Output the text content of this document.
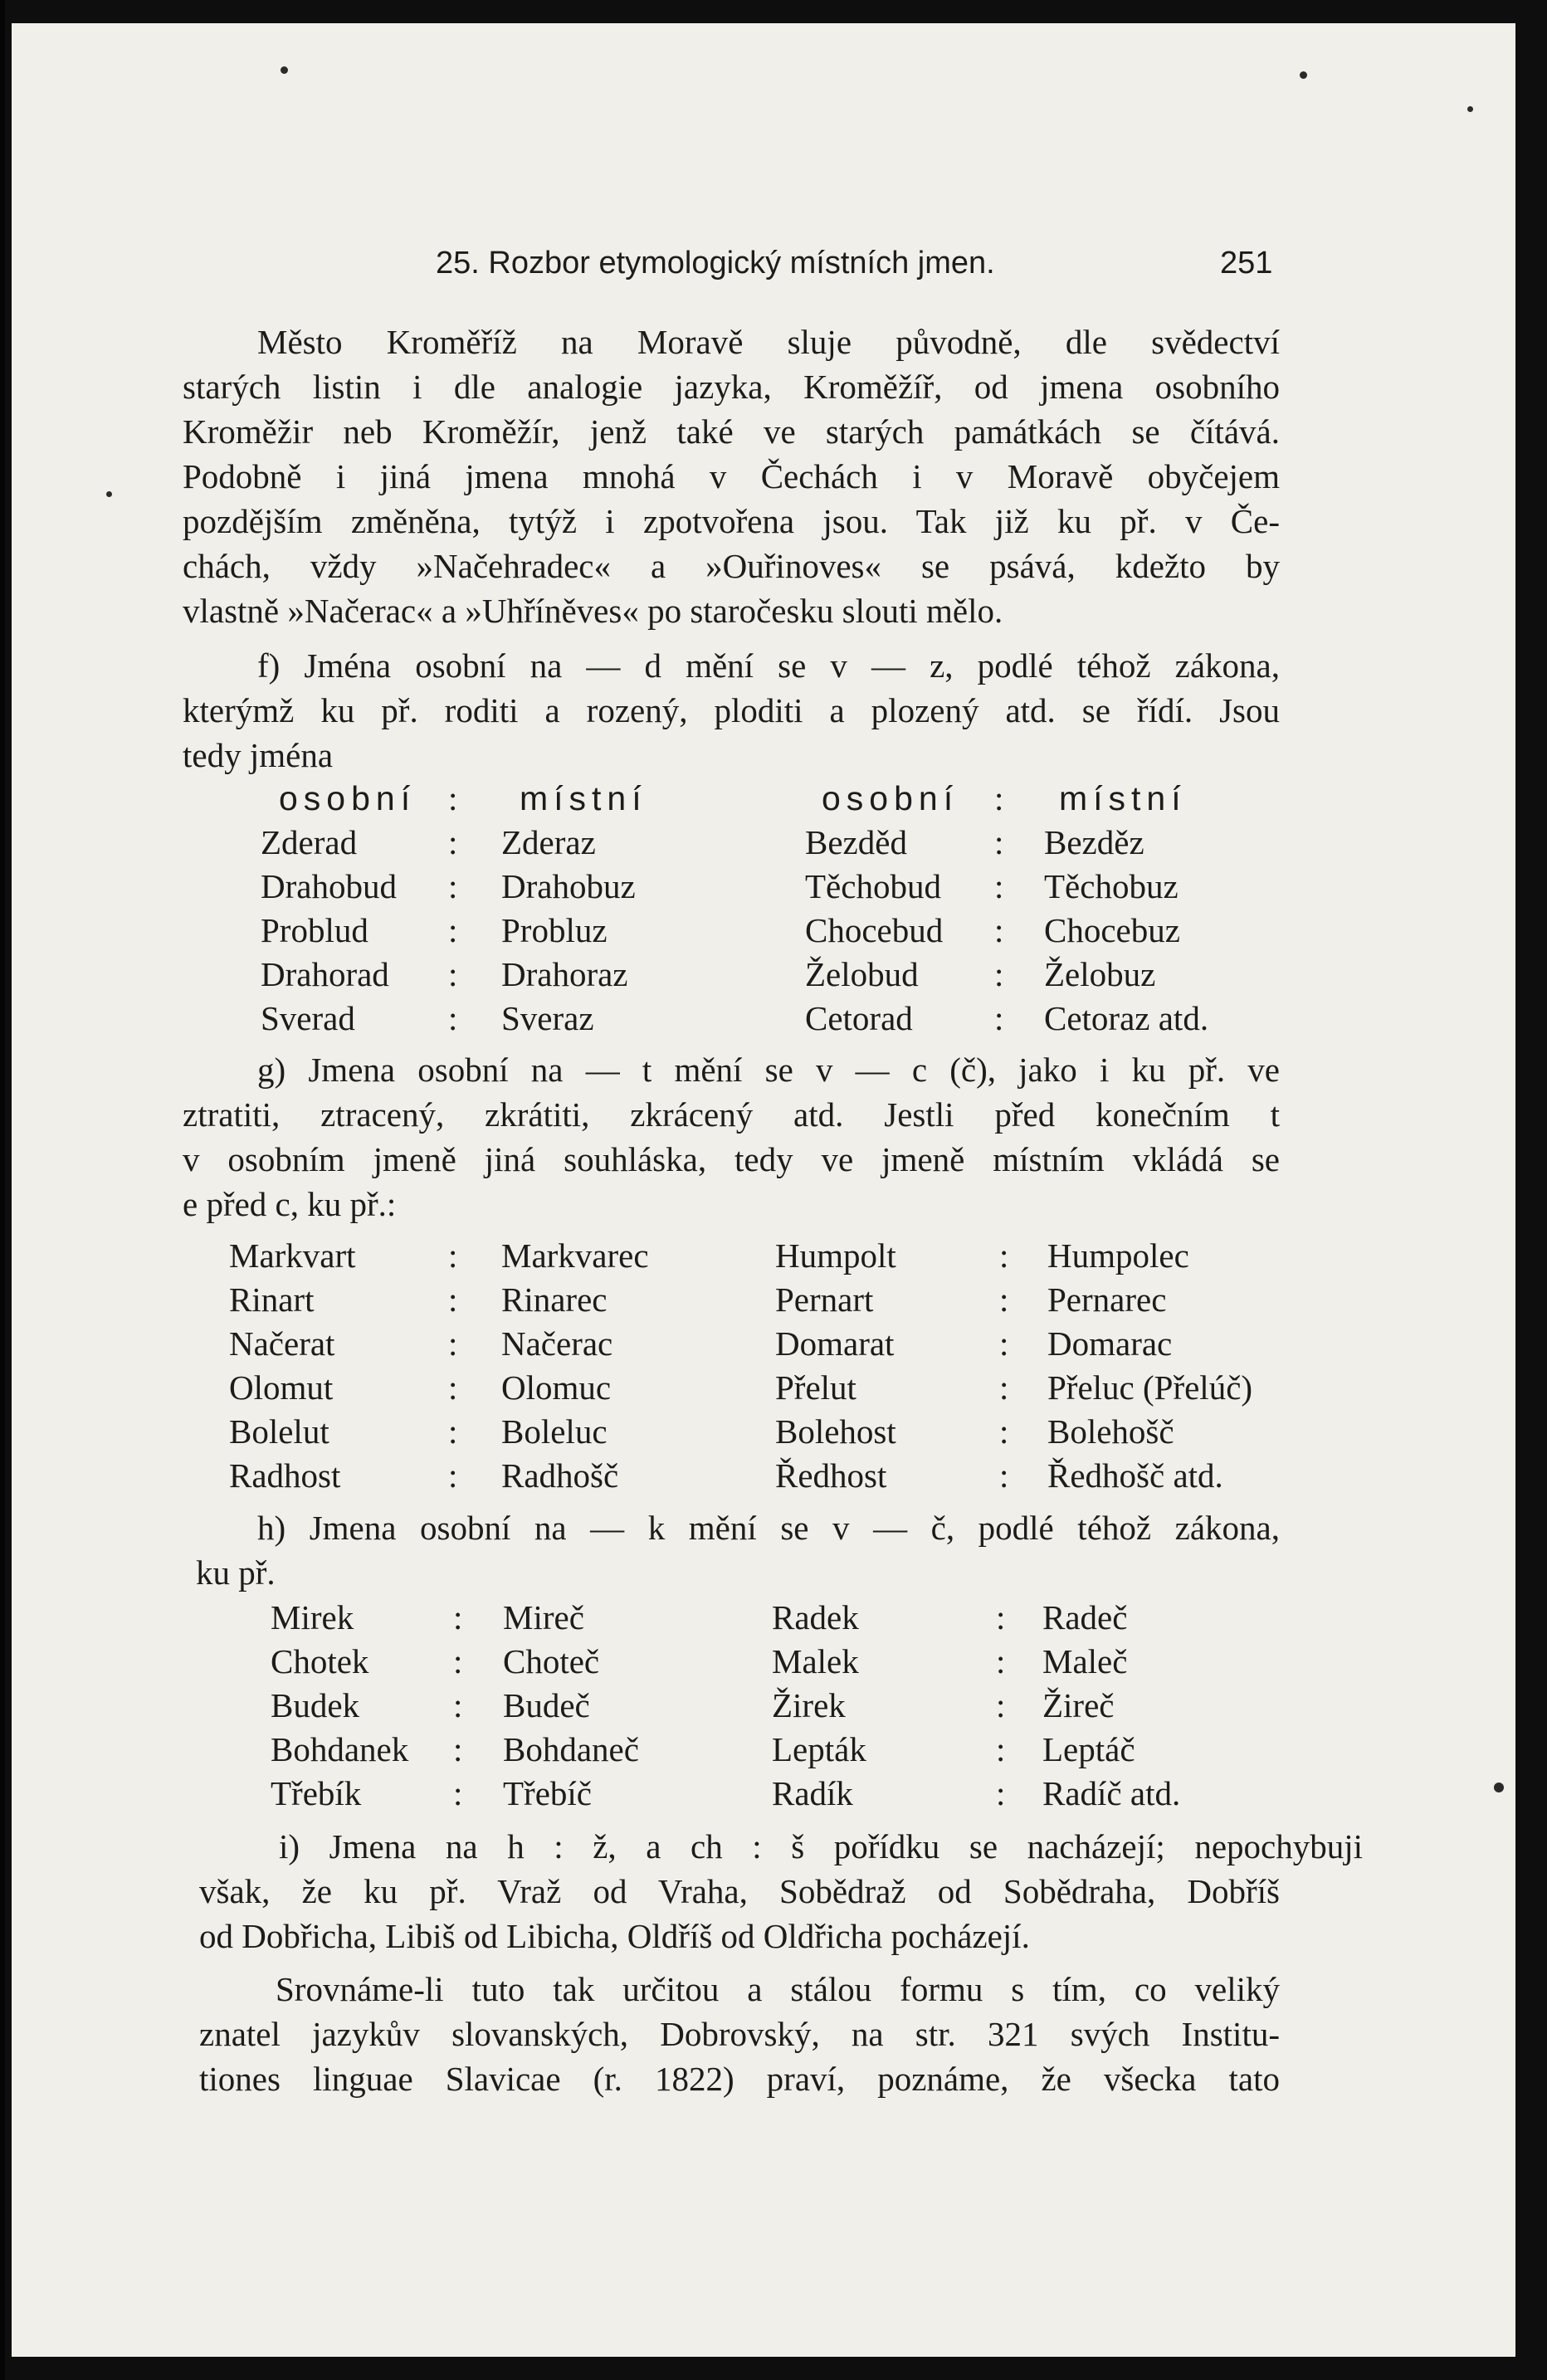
25. Rozbor etymologický místních jmen.	251
Město Kroměříž na Moravě sluje původně, dle svědectví
starých listin i dle analogie jazyka, Kroměžíř, od jmena osobního
Kroměžir neb Kroměžír, jenž také ve starých památkách se čítává.
Podobně i jiná jmena mnohá v Čechách i v Moravě obyčejem
pozdějším změněna, tytýž i zpotvořena jsou. Tak již ku př. v Če-
chách, vždy »Načehradec« a »Ouřinoves« se psává, kdežto by
vlastně »Načerac« a »Uhříněves« po staročesku slouti mělo.
f) Jména osobní na — d mění se v — z, podlé téhož zákona,
kterýmž ku př. roditi a rozený, ploditi a plozený atd. se řídí. Jsou
tedy jména
osobní : místní	osobní : místní
Zderad	: Zderaz	Bezděd	: Bezděz
Drahobud : Drahobuz	Těchobud : Těchobuz
Problud : Probluz	Chocebud : Chocebuz
Drahorad : Drahoraz	Želobud : Želobuz
Sverad	: Sveraz	Cetorad : Cetoraz atd.
g) Jmena osobní na — t mění se v — c (č), jako i ku př. ve
ztratiti, ztracený, zkrátiti, zkrácený atd. Jestli před konečním t
v osobním jmeně jiná souhláska, tedy ve jmeně místním vkládá se
e před c, ku př.:
Markvart	: Markvarec	Humpolt	: Humpolec
Rinart	: Rinarec	Pernart	: Pernarec
Načerat	: Načerac	Domarat	: Domarac
Olomut	: Olomuc	Přelut	: Přeluc (Přelúč)
Bolelut	: Boleluc	Bolehost	: Bolehošč
Radhost	: Radhošč	Ředhost	: Ředhošč atd.
h) Jmena osobní na — k mění se v — č, podlé téhož zákona,
ku př.
Mirek	: Mireč	Radek	: Radeč
Chotek : Choteč	Malek	: Maleč
Budek	: Budeč	Žirek	: Žireč
Bohdanek : Bohdaneč	Lepták	: Leptáč
Třebík	: Třebíč	Radík	: Radíč atd.
i) Jmena na h : ž, a ch : š pořídku se nacházejí; nepochybuji
však, že ku př. Vraž od Vraha, Sobědraž od Sobědraha, Dobříš
od Dobřicha, Libiš od Libicha, Oldříš od Oldřicha pocházejí.
Srovnáme-li tuto tak určitou a stálou formu s tím, co veliký
znatel jazykův slovanských, Dobrovský, na str. 321 svých Institu-
tiones linguae Slavicae (r. 1822) praví, poznáme, že všecka tato
